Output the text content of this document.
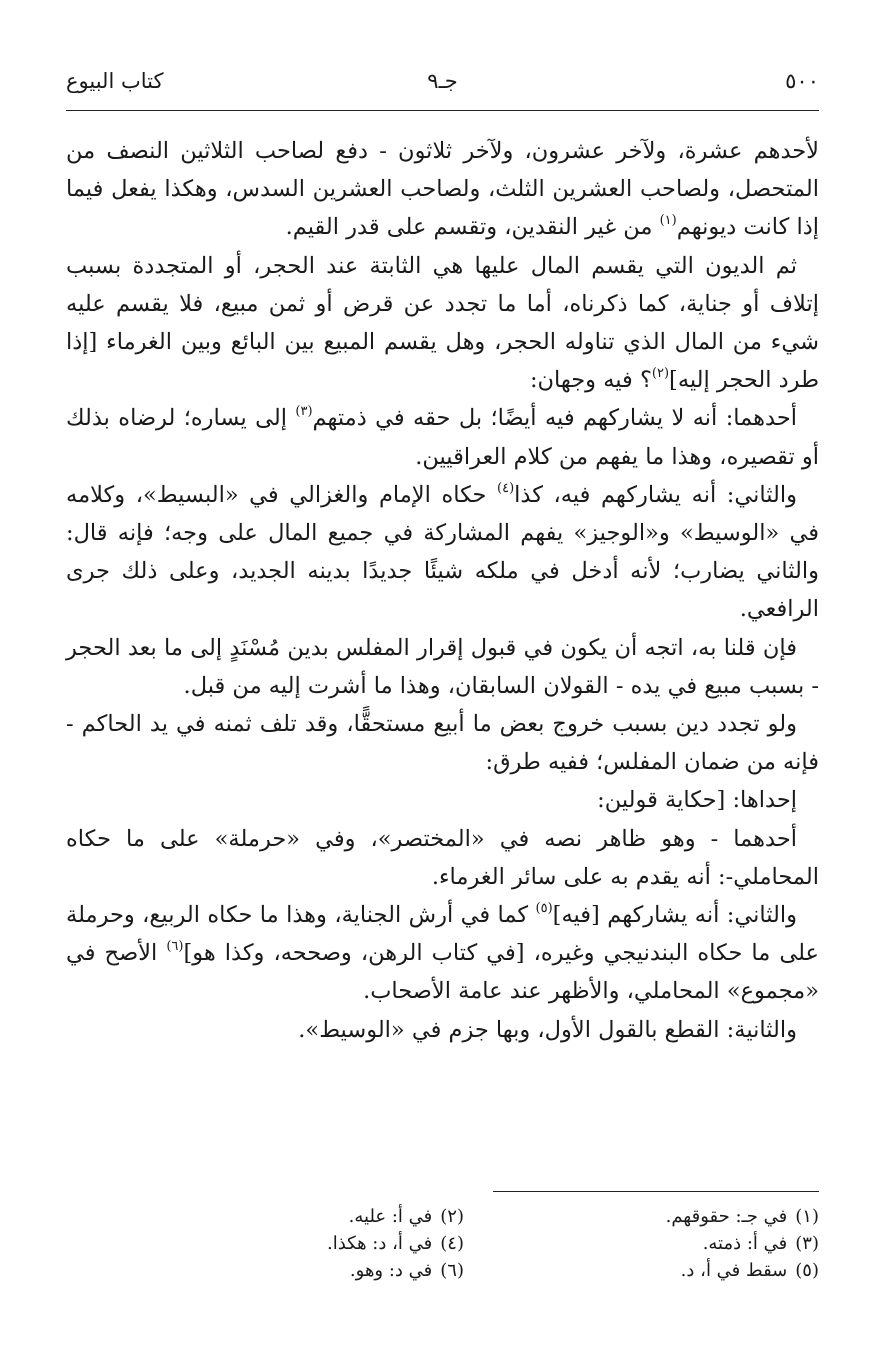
٥٠٠
جـ٩
كتاب البيوع

لأحدهم عشرة، ولآخر عشرون، ولآخر ثلاثون - دفع لصاحب الثلاثين النصف من المتحصل، ولصاحب العشرين الثلث، ولصاحب العشرين السدس، وهكذا يفعل فيما إذا كانت ديونهم$^{(١)}$ من غير النقدين، وتقسم على قدر القيم.

ثم الديون التي يقسم المال عليها هي الثابتة عند الحجر، أو المتجددة بسبب إتلاف أو جناية، كما ذكرناه، أما ما تجدد عن قرض أو ثمن مبيع، فلا يقسم عليه شيء من المال الذي تناوله الحجر، وهل يقسم المبيع بين البائع وبين الغرماء [إذا طرد الحجر إليه]$^{(٢)}$؟ فيه وجهان:

أحدهما: أنه لا يشاركهم فيه أيضًا؛ بل حقه في ذمتهم$^{(٣)}$ إلى يساره؛ لرضاه بذلك أو تقصيره، وهذا ما يفهم من كلام العراقيين.

والثاني: أنه يشاركهم فيه، كذا$^{(٤)}$ حكاه الإمام والغزالي في «البسيط»، وكلامه في «الوسيط» و«الوجيز» يفهم المشاركة في جميع المال على وجه؛ فإنه قال: والثاني يضارب؛ لأنه أدخل في ملكه شيئًا جديدًا بدينه الجديد، وعلى ذلك جرى الرافعي.

فإن قلنا به، اتجه أن يكون في قبول إقرار المفلس بدين مُسْنَدٍ إلى ما بعد الحجر - بسبب مبيع في يده - القولان السابقان، وهذا ما أشرت إليه من قبل.

ولو تجدد دين بسبب خروج بعض ما أبيع مستحقًّا، وقد تلف ثمنه في يد الحاكم - فإنه من ضمان المفلس؛ ففيه طرق:

إحداها: [حكاية قولين:

أحدهما - وهو ظاهر نصه في «المختصر»، وفي «حرملة» على ما حكاه المحاملي-: أنه يقدم به على سائر الغرماء.

والثاني: أنه يشاركهم [فيه]$^{(٥)}$ كما في أرش الجناية، وهذا ما حكاه الربيع، وحرملة على ما حكاه البندنيجي وغيره، [في كتاب الرهن، وصححه، وكذا هو]$^{(٦)}$ الأصح في «مجموع» المحاملي، والأظهر عند عامة الأصحاب.

والثانية: القطع بالقول الأول، وبها جزم في «الوسيط».

(١)في جـ: حقوقهم.
(٢)في أ: عليه.
(٣)في أ: ذمته.
(٤)في أ، د: هكذا.
(٥)سقط في أ، د.
(٦)في د: وهو.
